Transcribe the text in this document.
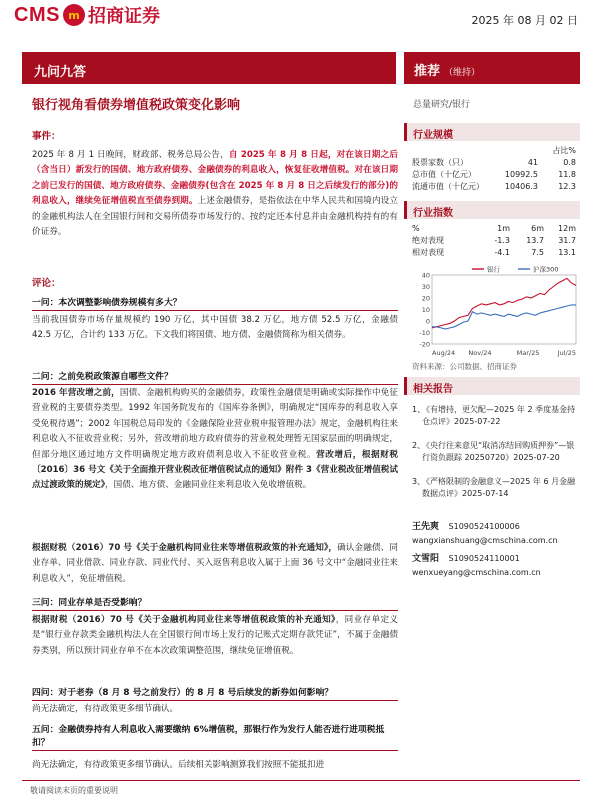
CMS m 招商证券	2025 年 08 月 02 日
九问九答	推荐 （维持）
银行视角看债券增值税政策变化影响	总量研究/银行
事件：
2025 年 8 月 1 日晚间，财政部、税务总局公告，自 2025 年 8 月 8 日起，对在该日期之后（含当日）新发行的国债、地方政府债券、金融债券的利息收入，恢复征收增值税。对在该日期之前已发行的国债、地方政府债券、金融债券(包含在 2025 年 8 月 8 日之后续发行的部分)的利息收入，继续免征增值税直至债券到期。上述金融债券，是指依法在中华人民共和国境内设立的金融机构法人在全国银行间和交易所债券市场发行的、按约定还本付息并由金融机构持有的有价证券。
评论：
一问：本次调整影响债券规模有多大？
当前我国债券市场存量规模约 190 万亿，其中国债 38.2 万亿，地方债 52.5 万亿，金融债 42.5 万亿，合计约 133 万亿。下文我们将国债、地方债、金融债简称为相关债券。
二问：之前免税政策源自哪些文件？
2016 年营改增之前，国债、金融机构购买的金融债券，政策性金融债是明确或实际操作中免征营业税的主要债券类型。1992 年国务院发布的《国库券条例》，明确规定“国库券的利息收入享受免税待遇”；2002 年国税总局印发的《金融保险业营业税申报管理办法》规定，金融机构往来利息收入不征收营业税；另外，营改增前地方政府债券的营业税处理暂无国家层面的明确规定，但部分地区通过地方文件明确规定地方政府债利息收入不征收营业税。营改增后，根据财税〔2016〕36 号文《关于全面推开营业税改征增值税试点的通知》附件 3《营业税改征增值税试点过渡政策的规定》，国债、地方债、金融同业往来利息收入免收增值税。
根据财税（2016）70 号《关于金融机构同业往来等增值税政策的补充通知》，确认金融债、同业存单、同业借款、同业存款、同业代付、买入返售利息收入属于上面 36 号文中“金融同业往来利息收入”，免征增值税。
三问：同业存单是否受影响？
根据财税（2016）70 号《关于金融机构同业往来等增值税政策的补充通知》，同业存单定义是“银行业存款类金融机构法人在全国银行间市场上发行的记账式定期存款凭证”，不属于金融债券类别，所以预计同业存单不在本次政策调整范围，继续免征增值税。
四问：对于老券（8 月 8 号之前发行）的 8 月 8 号后续发的新券如何影响？
尚无法确定，有待政策更多细节确认。
五问：金融债券持有人利息收入需要缴纳 6%增值税，那银行作为发行人能否进行进项税抵扣？
尚无法确定，有待政策更多细节确认。后续相关影响测算我们按照不能抵扣进
行业规模
占比%
股票家数（只）	41	0.8
总市值（十亿元）	10992.5	11.8
流通市值（十亿元）	10406.3	12.3
行业指数
%	1m	6m	12m
绝对表现	-1.3	13.7	31.7
相对表现	-4.1	7.5	13.1
40
30
20
10
0
-10
-20
Aug/24 Nov/24	Mar/25	Jul/25
银行	沪深300
资料来源：公司数据、招商证券
相关报告
1、
《有增持，更欠配—2025 年 2 季度基金持仓点评》2025-07-22
2、
《央行往来意见“取消冻结回购质押券”—银行资负跟踪 20250720》2025-07-20
3、
《严格限制的金融意义—2025 年 6 月金融数据点评》2025-07-14
王先爽 S1090524100006
wangxianshuang@cmschina.com.cn
文雪阳 S1090524110001
wenxueyang@cmschina.com.cn
敬请阅读末页的重要说明
